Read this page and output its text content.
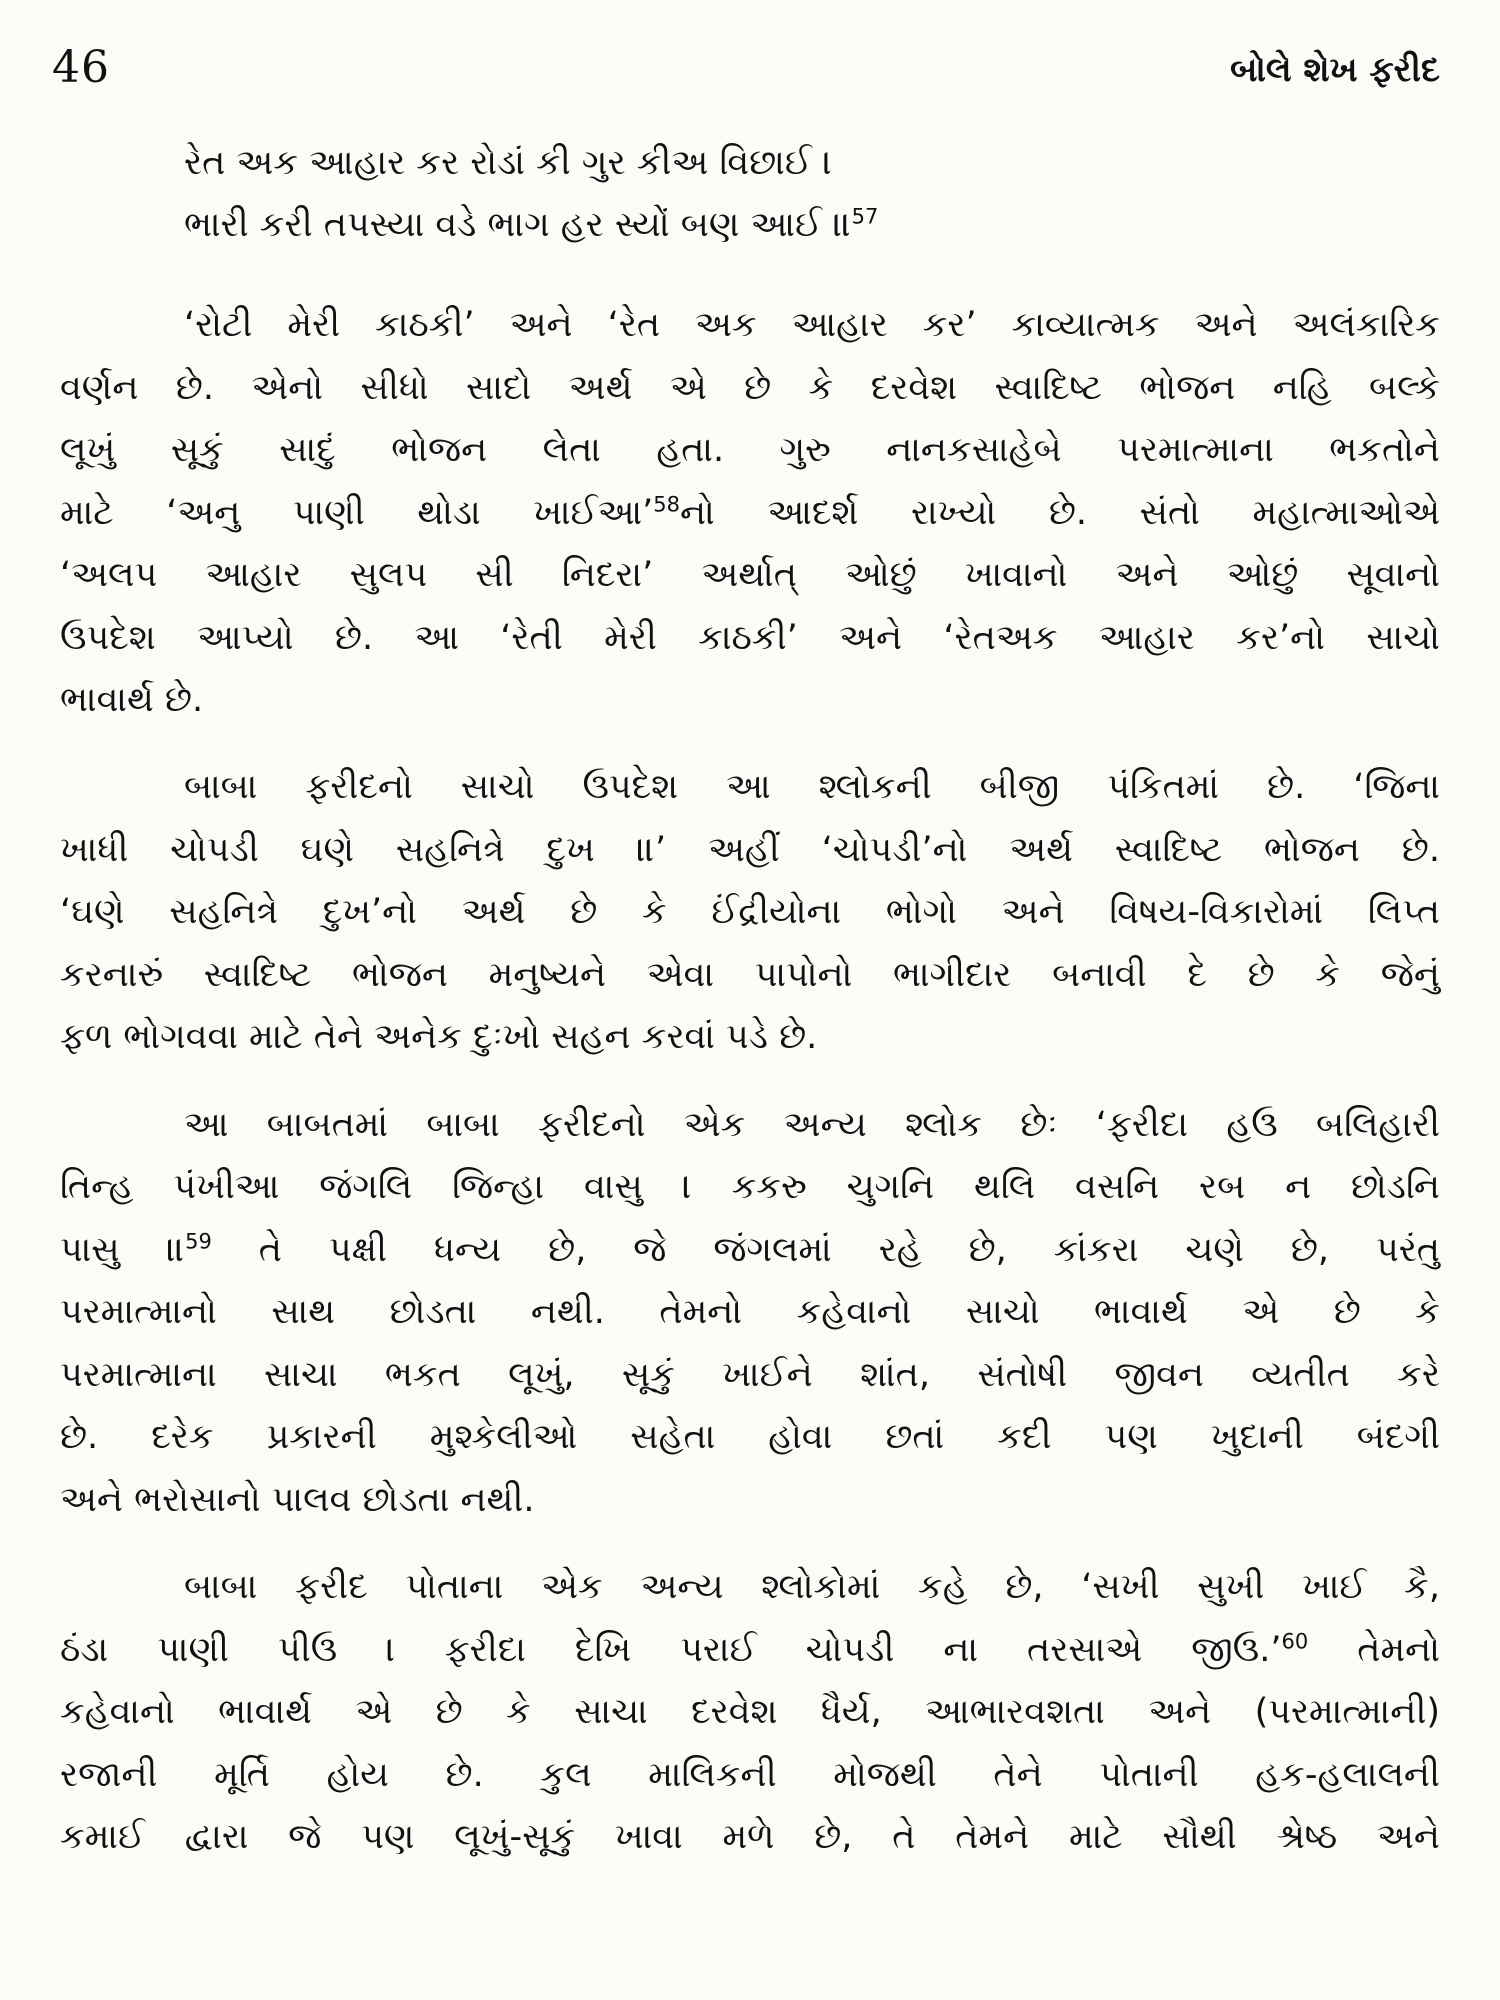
46	બોલે શેખ ફરીદ
રેત અક આહાર કર રોડાં કી ગુર કીઅ વિછાઈ ।
ભારી કરી તપસ્યા વડે ભાગ હર સ્યોં બણ આઈ ॥$^{57}$
‘રોટી મેરી કાઠકી’ અને ‘રેત અક આહાર કર’ કાવ્યાત્મક અને અલંકારિક
વર્ણન છે. એનો સીધો સાદો અર્થ એ છે કે દરવેશ સ્વાદિષ્ટ ભોજન નહિ બલ્કે
લૂખું સૂકું સાદું ભોજન લેતા હતા. ગુરુ નાનકસાહેબે પરમાત્માના ભકતોને
માટે ‘અનુ પાણી થોડા ખાઈઆ’$^{58}$નો આદર્શ રાખ્યો છે. સંતો મહાત્માઓએ
‘અલપ આહાર સુલપ સી નિદરા’ અર્થાત્ ઓછું ખાવાનો અને ઓછું સૂવાનો
ઉપદેશ આપ્યો છે. આ ‘રેતી મેરી કાઠકી’ અને ‘રેતઅક આહાર કર’નો સાચો
ભાવાર્થ છે.
બાબા ફરીદનો સાચો ઉપદેશ આ શ્લોકની બીજી પંકિતમાં છે. ‘જિના
ખાધી ચોપડી ઘણે સહનિત્રે દુખ ॥’ અહીં ‘ચોપડી’નો અર્થ સ્વાદિષ્ટ ભોજન છે.
‘ઘણે સહનિત્રે દુખ’નો અર્થ છે કે ઈંદ્રીયોના ભોગો અને વિષય-વિકારોમાં લિપ્ત
કરનારું સ્વાદિષ્ટ ભોજન મનુષ્યને એવા પાપોનો ભાગીદાર બનાવી દે છે કે જેનું
ફળ ભોગવવા માટે તેને અનેક દુઃખો સહન કરવાં પડે છે.
આ બાબતમાં બાબા ફરીદનો એક અન્ય શ્લોક છેઃ ‘ફરીદા હઉ બલિહારી
તિન્હ પંખીઆ જંગલિ જિન્હા વાસુ । કકરુ ચુગનિ થલિ વસનિ રબ ન છોડનિ
પાસુ ॥$^{59}$ તે પક્ષી ધન્ય છે, જે જંગલમાં રહે છે, કાંકરા ચણે છે, પરંતુ
પરમાત્માનો સાથ છોડતા નથી. તેમનો કહેવાનો સાચો ભાવાર્થ એ છે કે
પરમાત્માના સાચા ભકત લૂખું, સૂકું ખાઈને શાંત, સંતોષી જીવન વ્યતીત કરે
છે. દરેક પ્રકારની મુશ્કેલીઓ સહેતા હોવા છતાં કદી પણ ખુદાની બંદગી
અને ભરોસાનો પાલવ છોડતા નથી.
બાબા ફરીદ પોતાના એક અન્ય શ્લોકોમાં કહે છે, ‘સખી સુખી ખાઈ કૈ,
ઠંડા પાણી પીઉ । ફરીદા દેખિ પરાઈ ચોપડી ના તરસાએ જીઉ.’$^{60}$ તેમનો
કહેવાનો ભાવાર્થ એ છે કે સાચા દરવેશ ધૈર્ય, આભારવશતા અને (પરમાત્માની)
રજાની મૂર્તિ હોય છે. કુલ માલિકની મોજથી તેને પોતાની હક-હલાલની
કમાઈ દ્વારા જે પણ લૂખું-સૂકું ખાવા મળે છે, તે તેમને માટે સૌથી શ્રેષ્ઠ અને
